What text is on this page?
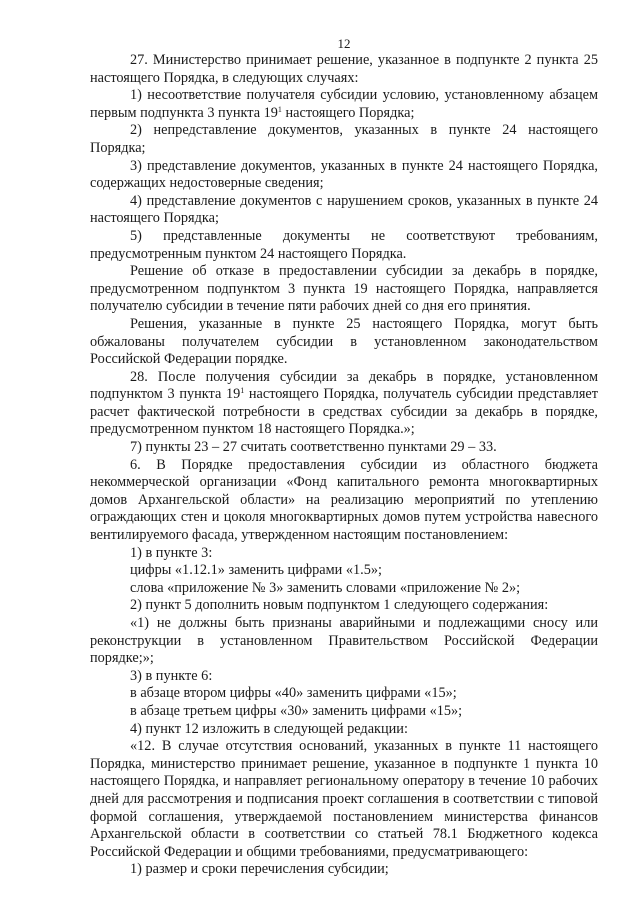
12

27. Министерство принимает решение, указанное в подпункте 2 пункта 25 настоящего Порядка, в следующих случаях:

1) несоответствие получателя субсидии условию, установленному абзацем первым подпункта 3 пункта $19^1$ настоящего Порядка;

2) непредставление документов, указанных в пункте 24 настоящего Порядка;

3) представление документов, указанных в пункте 24 настоящего Порядка, содержащих недостоверные сведения;

4) представление документов с нарушением сроков, указанных в пункте 24 настоящего Порядка;

5) представленные документы не соответствуют требованиям, предусмотренным пунктом 24 настоящего Порядка.

Решение об отказе в предоставлении субсидии за декабрь в порядке, предусмотренном подпунктом 3 пункта 19 настоящего Порядка, направляется получателю субсидии в течение пяти рабочих дней со дня его принятия.

Решения, указанные в пункте 25 настоящего Порядка, могут быть обжалованы получателем субсидии в установленном законодательством Российской Федерации порядке.

28. После получения субсидии за декабрь в порядке, установленном подпунктом 3 пункта $19^1$ настоящего Порядка, получатель субсидии представляет расчет фактической потребности в средствах субсидии за декабрь в порядке, предусмотренном пунктом 18 настоящего Порядка.»;

7) пункты 23 – 27 считать соответственно пунктами 29 – 33.

6. В Порядке предоставления субсидии из областного бюджета некоммерческой организации «Фонд капитального ремонта многоквартирных домов Архангельской области» на реализацию мероприятий по утеплению ограждающих стен и цоколя многоквартирных домов путем устройства навесного вентилируемого фасада, утвержденном настоящим постановлением:

1) в пункте 3:

цифры «1.12.1» заменить цифрами «1.5»;

слова «приложение № 3» заменить словами «приложение № 2»;

2) пункт 5 дополнить новым подпунктом 1 следующего содержания:

«1) не должны быть признаны аварийными и подлежащими сносу или реконструкции в установленном Правительством Российской Федерации порядке;»;

3) в пункте 6:

в абзаце втором цифры «40» заменить цифрами «15»;

в абзаце третьем цифры «30» заменить цифрами «15»;

4) пункт 12 изложить в следующей редакции:

«12. В случае отсутствия оснований, указанных в пункте 11 настоящего Порядка, министерство принимает решение, указанное в подпункте 1 пункта 10 настоящего Порядка, и направляет региональному оператору в течение 10 рабочих дней для рассмотрения и подписания проект соглашения в соответствии с типовой формой соглашения, утверждаемой постановлением министерства финансов Архангельской области в соответствии со статьей 78.1 Бюджетного кодекса Российской Федерации и общими требованиями, предусматривающего:

1) размер и сроки перечисления субсидии;
